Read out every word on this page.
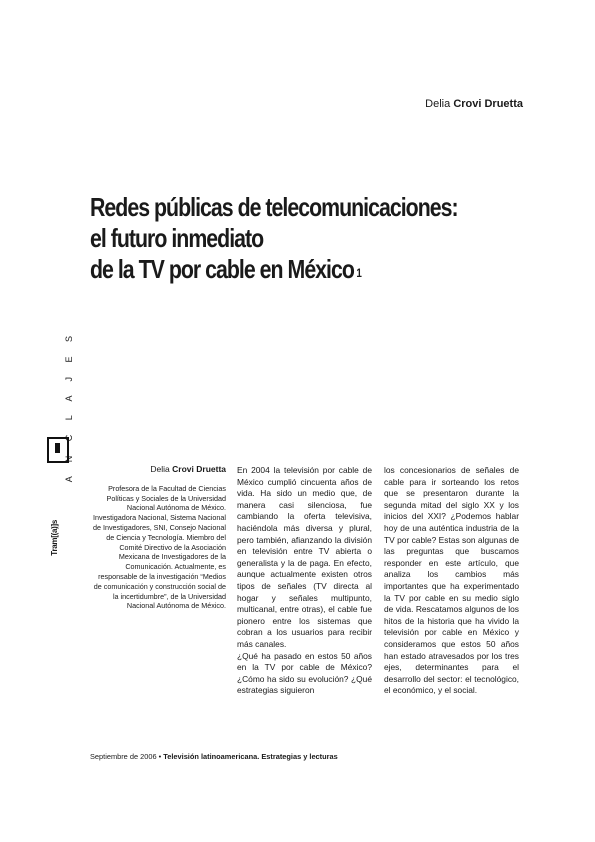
Delia Crovi Druetta
Redes públicas de telecomunicaciones:
el futuro inmediato
de la TV por cable en México $^1$
A N C L A J E S
Tram[(a)]s
Delia Crovi Druetta
Profesora de la Facultad de Ciencias Políticas y Sociales de la Universidad Nacional Autónoma de México. Investigadora Nacional, Sistema Nacional de Investigadores, SNI, Consejo Nacional de Ciencia y Tecnología. Miembro del Comité Directivo de la Asociación Mexicana de Investigadores de la Comunicación. Actualmente, es responsable de la investigación “Medios de comunicación y construcción social de la incertidumbre”, de la Universidad Nacional Autónoma de México.

En 2004 la televisión por cable de México cumplió cincuenta años de vida. Ha sido un medio que, de manera casi silenciosa, fue cambiando la oferta televisiva, haciéndola más diversa y plural, pero también, afianzando la división en televisión entre TV abierta o generalista y la de paga. En efecto, aunque actualmente existen otros tipos de señales (TV directa al hogar y señales multipunto, multicanal, entre otras), el cable fue pionero entre los sistemas que cobran a los usuarios para recibir más canales.

¿Qué ha pasado en estos 50 años en la TV por cable de México? ¿Cómo ha sido su evolución? ¿Qué estrategias siguieron

los concesionarios de señales de cable para ir sorteando los retos que se presentaron durante la segunda mitad del siglo XX y los inicios del XXI? ¿Podemos hablar hoy de una auténtica industria de la TV por cable? Estas son algunas de las preguntas que buscamos responder en este artículo, que analiza los cambios más importantes que ha experimentado la TV por cable en su medio siglo de vida. Rescatamos algunos de los hitos de la historia que ha vivido la televisión por cable en México y consideramos que estos 50 años han estado atravesados por los tres ejes, determinantes para el desarrollo del sector: el tecnológico, el económico, y el social.

Septiembre de 2006 • Televisión latinoamericana. Estrategias y lecturas
